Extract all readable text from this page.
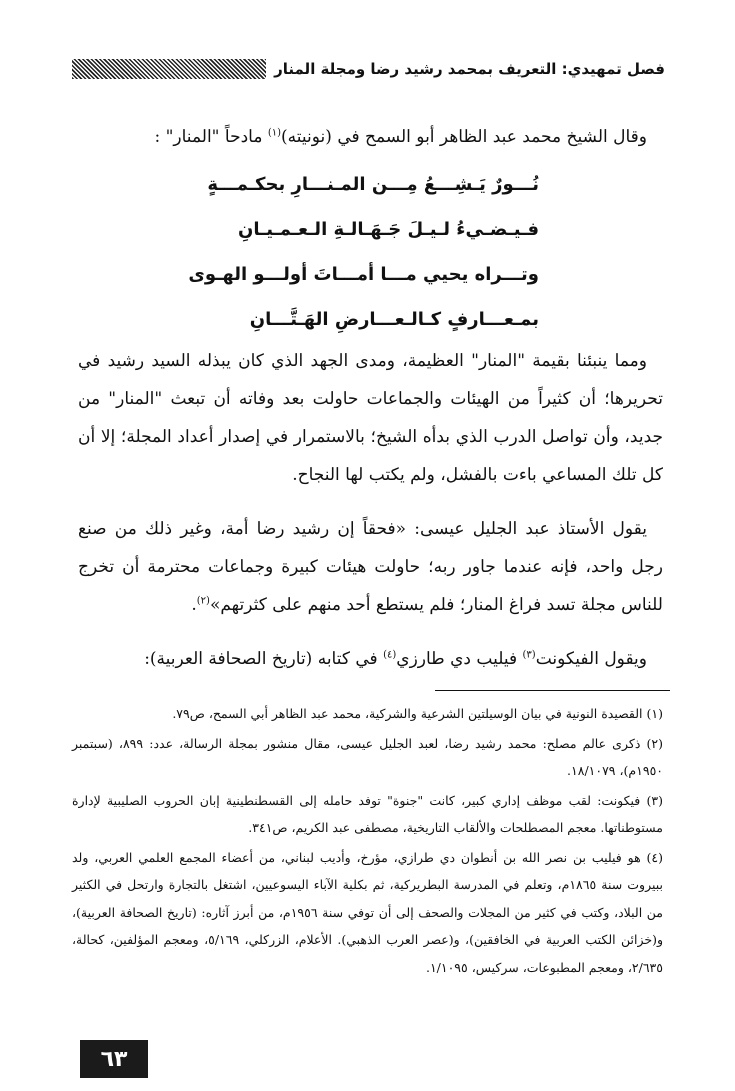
فصل تمهيدي: التعريف بمحمد رشيد رضا ومجلة المنار

وقال الشيخ محمد عبد الظاهر أبو السمح في (نونيته)$^{(١)}$ مادحاً "المنار" :

نُـــورٌ يَـشِـــعُ مِـــن المـنـــارِ بحكـمـــةٍ
فـيـضـيءُ لـيـلَ جَـهَـالـةِ الـعـمـيـانِ
وتـــراه يحيي مـــا أمـــاتَ أولـــو الهـوى
بمـعـــارفٍ كـالـعـــارضِ الهَـتَّـــانِ

ومما ينبئنا بقيمة "المنار" العظيمة، ومدى الجهد الذي كان يبذله السيد رشيد في تحريرها؛ أن كثيراً من الهيئات والجماعات حاولت بعد وفاته أن تبعث "المنار" من جديد، وأن تواصل الدرب الذي بدأه الشيخ؛ بالاستمرار في إصدار أعداد المجلة؛ إلا أن كل تلك المساعي باءت بالفشل، ولم يكتب لها النجاح.

يقول الأستاذ عبد الجليل عيسى: «فحقاً إن رشيد رضا أمة، وغير ذلك من صنع رجل واحد، فإنه عندما جاور ربه؛ حاولت هيئات كبيرة وجماعات محترمة أن تخرج للناس مجلة تسد فراغ المنار؛ فلم يستطع أحد منهم على كثرتهم»$^{(٢)}$.

ويقول الفيكونت$^{(٣)}$ فيليب دي طارزي$^{(٤)}$ في كتابه (تاريخ الصحافة العربية):

(١) القصيدة النونية في بيان الوسيلتين الشرعية والشركية، محمد عبد الظاهر أبي السمح، ص٧٩.

(٢) ذكرى عالم مصلح: محمد رشيد رضا، لعبد الجليل عيسى، مقال منشور بمجلة الرسالة، عدد: ٨٩٩، (سبتمبر ١٩٥٠م)، ١٨/١٠٧٩.

(٣) فيكونت: لقب موظف إداري كبير، كانت "جنوة" توفد حامله إلى القسطنطينية إبان الحروب الصليبية لإدارة مستوطناتها. معجم المصطلحات والألقاب التاريخية، مصطفى عبد الكريم، ص٣٤١.

(٤) هو فيليب بن نصر الله بن أنطوان دي طرازي، مؤرخ، وأديب لبناني، من أعضاء المجمع العلمي العربي، ولد ببيروت سنة ١٨٦٥م، وتعلم في المدرسة البطريركية، ثم بكلية الآباء اليسوعيين، اشتغل بالتجارة وارتحل في الكثير من البلاد، وكتب في كثير من المجلات والصحف إلى أن توفي سنة ١٩٥٦م، من أبرز آثاره: (تاريخ الصحافة العربية)، و(خزائن الكتب العربية في الخافقين)، و(عصر العرب الذهبي). الأعلام، الزركلي، ٥/١٦٩، ومعجم المؤلفين، كحالة، ٢/٦٣٥، ومعجم المطبوعات، سركيس، ١/١٠٩٥.

٦٣
